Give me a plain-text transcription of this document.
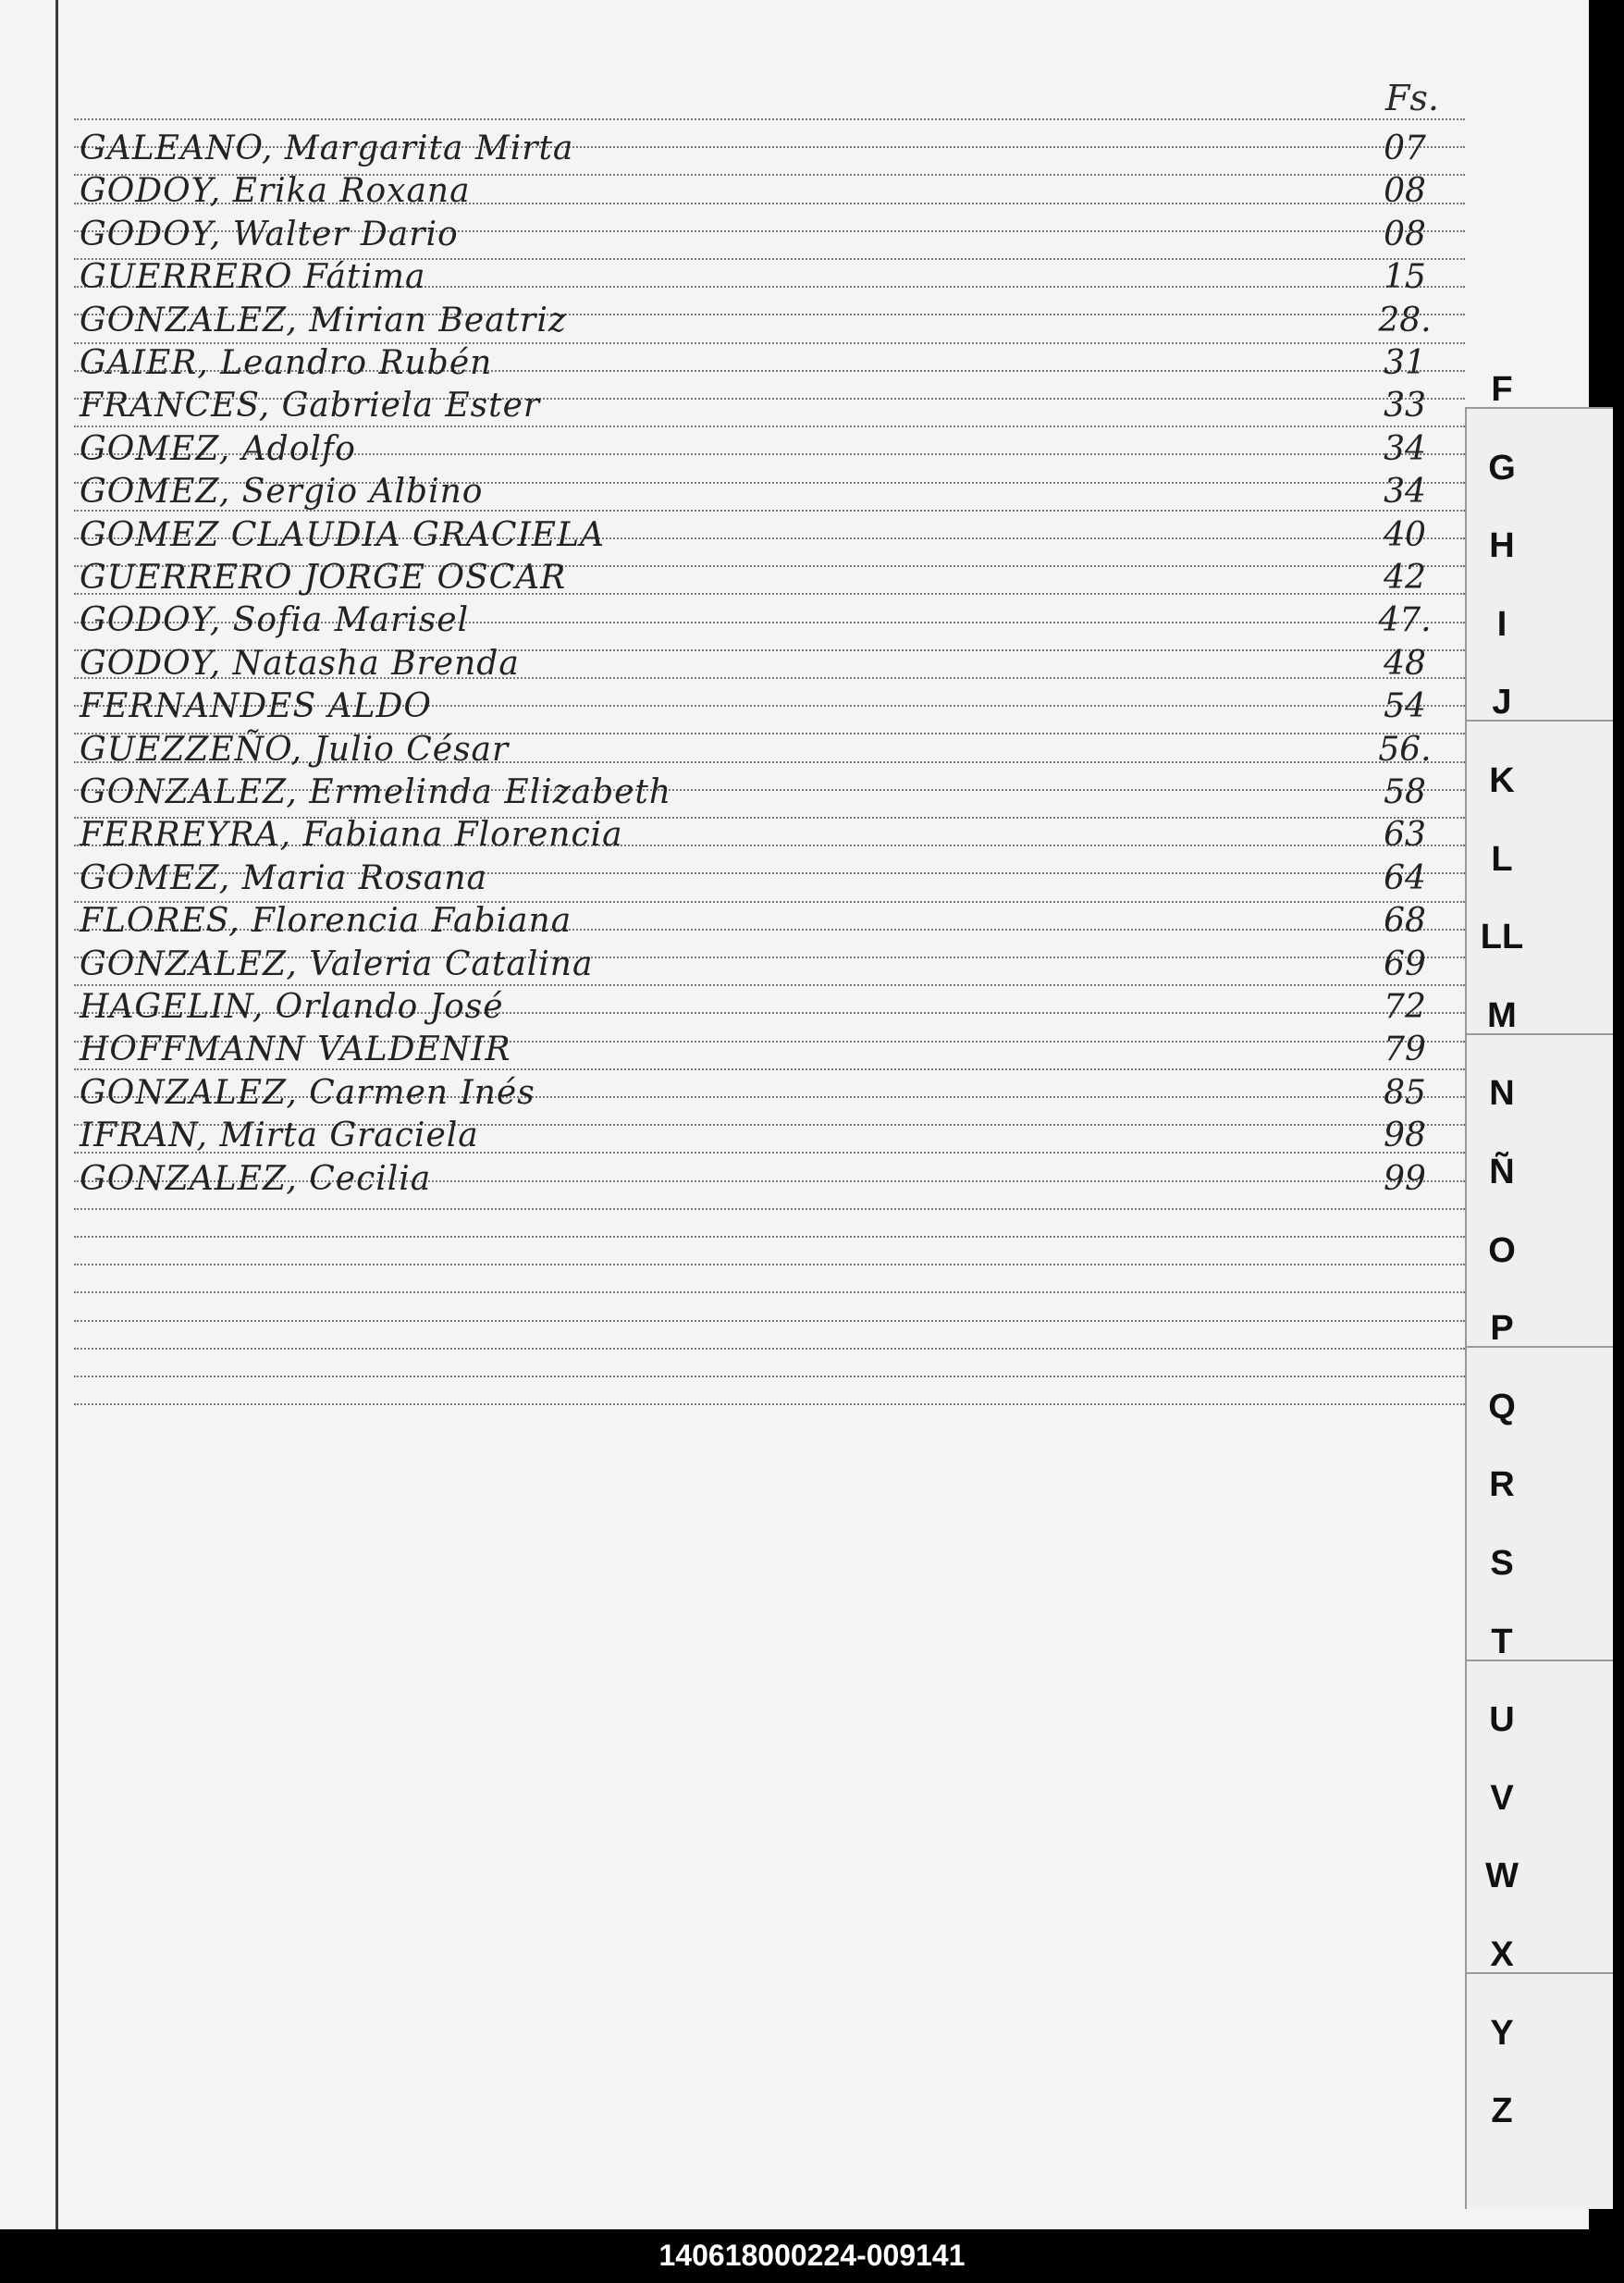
Fs.
GALEANO, Margarita Mirta	07
GODOY, Erika Roxana	08
GODOY, Walter Dario	08
GUERRERO Fátima	15
GONZALEZ, Mirian Beatriz	28.
GAIER, Leandro Rubén	31
FRANCES, Gabriela Ester	33
GOMEZ, Adolfo	34
GOMEZ, Sergio Albino	34
GOMEZ CLAUDIA GRACIELA	40
GUERRERO JORGE OSCAR	42
GODOY, Sofia Marisel	47.
GODOY, Natasha Brenda	48
FERNANDES ALDO	54
GUEZZEÑO, Julio César	56.
GONZALEZ, Ermelinda Elizabeth	58
FERREYRA, Fabiana Florencia	63
GOMEZ, Maria Rosana	64
FLORES, Florencia Fabiana	68
GONZALEZ, Valeria Catalina	69
HAGELIN, Orlando José	72
HOFFMANN VALDENIR	79
GONZALEZ, Carmen Inés	85
IFRAN, Mirta Graciela	98
GONZALEZ, Cecilia	99
F
G
H
I
J
K
L
LL
M
N
Ñ
O
P
Q
R
S
T
U
V
W
X
Y
Z
140618000224-009141
